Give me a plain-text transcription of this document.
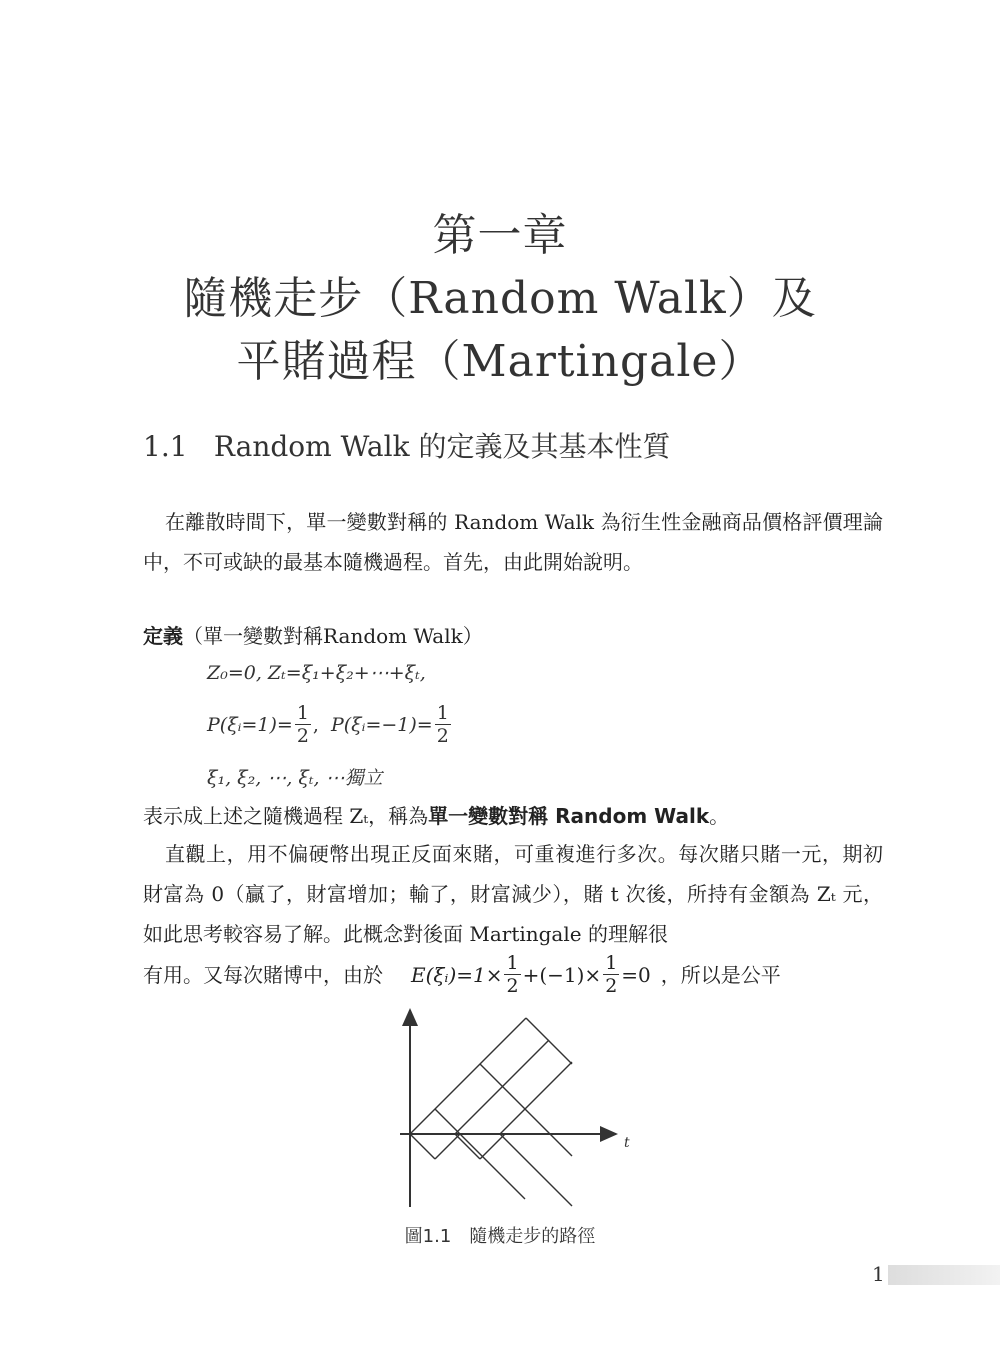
第一章
隨機走步（Random Walk）及
平賭過程（Martingale）
1.1 Random Walk 的定義及其基本性質
在離散時間下，單一變數對稱的 Random Walk 為衍生性金融商品價格評價理論中，不可或缺的最基本隨機過程。首先，由此開始說明。
定義（單一變數對稱Random Walk）
Z₀=0, Zₜ=ξ₁+ξ₂+⋯+ξₜ,
P(ξᵢ=1)= $\frac{1}{2}$ , P(ξᵢ=−1)= $\frac{1}{2}$
ξ₁, ξ₂, ⋯, ξₜ, ⋯獨立
表示成上述之隨機過程 Zₜ，稱為單一變數對稱 Random Walk。
直觀上，用不偏硬幣出現正反面來賭，可重複進行多次。每次賭只賭一元，期初財富為 0（贏了，財富增加；輸了，財富減少），賭 t 次後，所持有金額為 Zₜ 元，如此思考較容易了解。此概念對後面 Martingale 的理解很
有用。又每次賭博中，由於 E(ξᵢ)=1× $\frac{1}{2} +(-1)\times \frac{1}{2} =0$ ，所以是公平
t
圖1.1　隨機走步的路徑
1
